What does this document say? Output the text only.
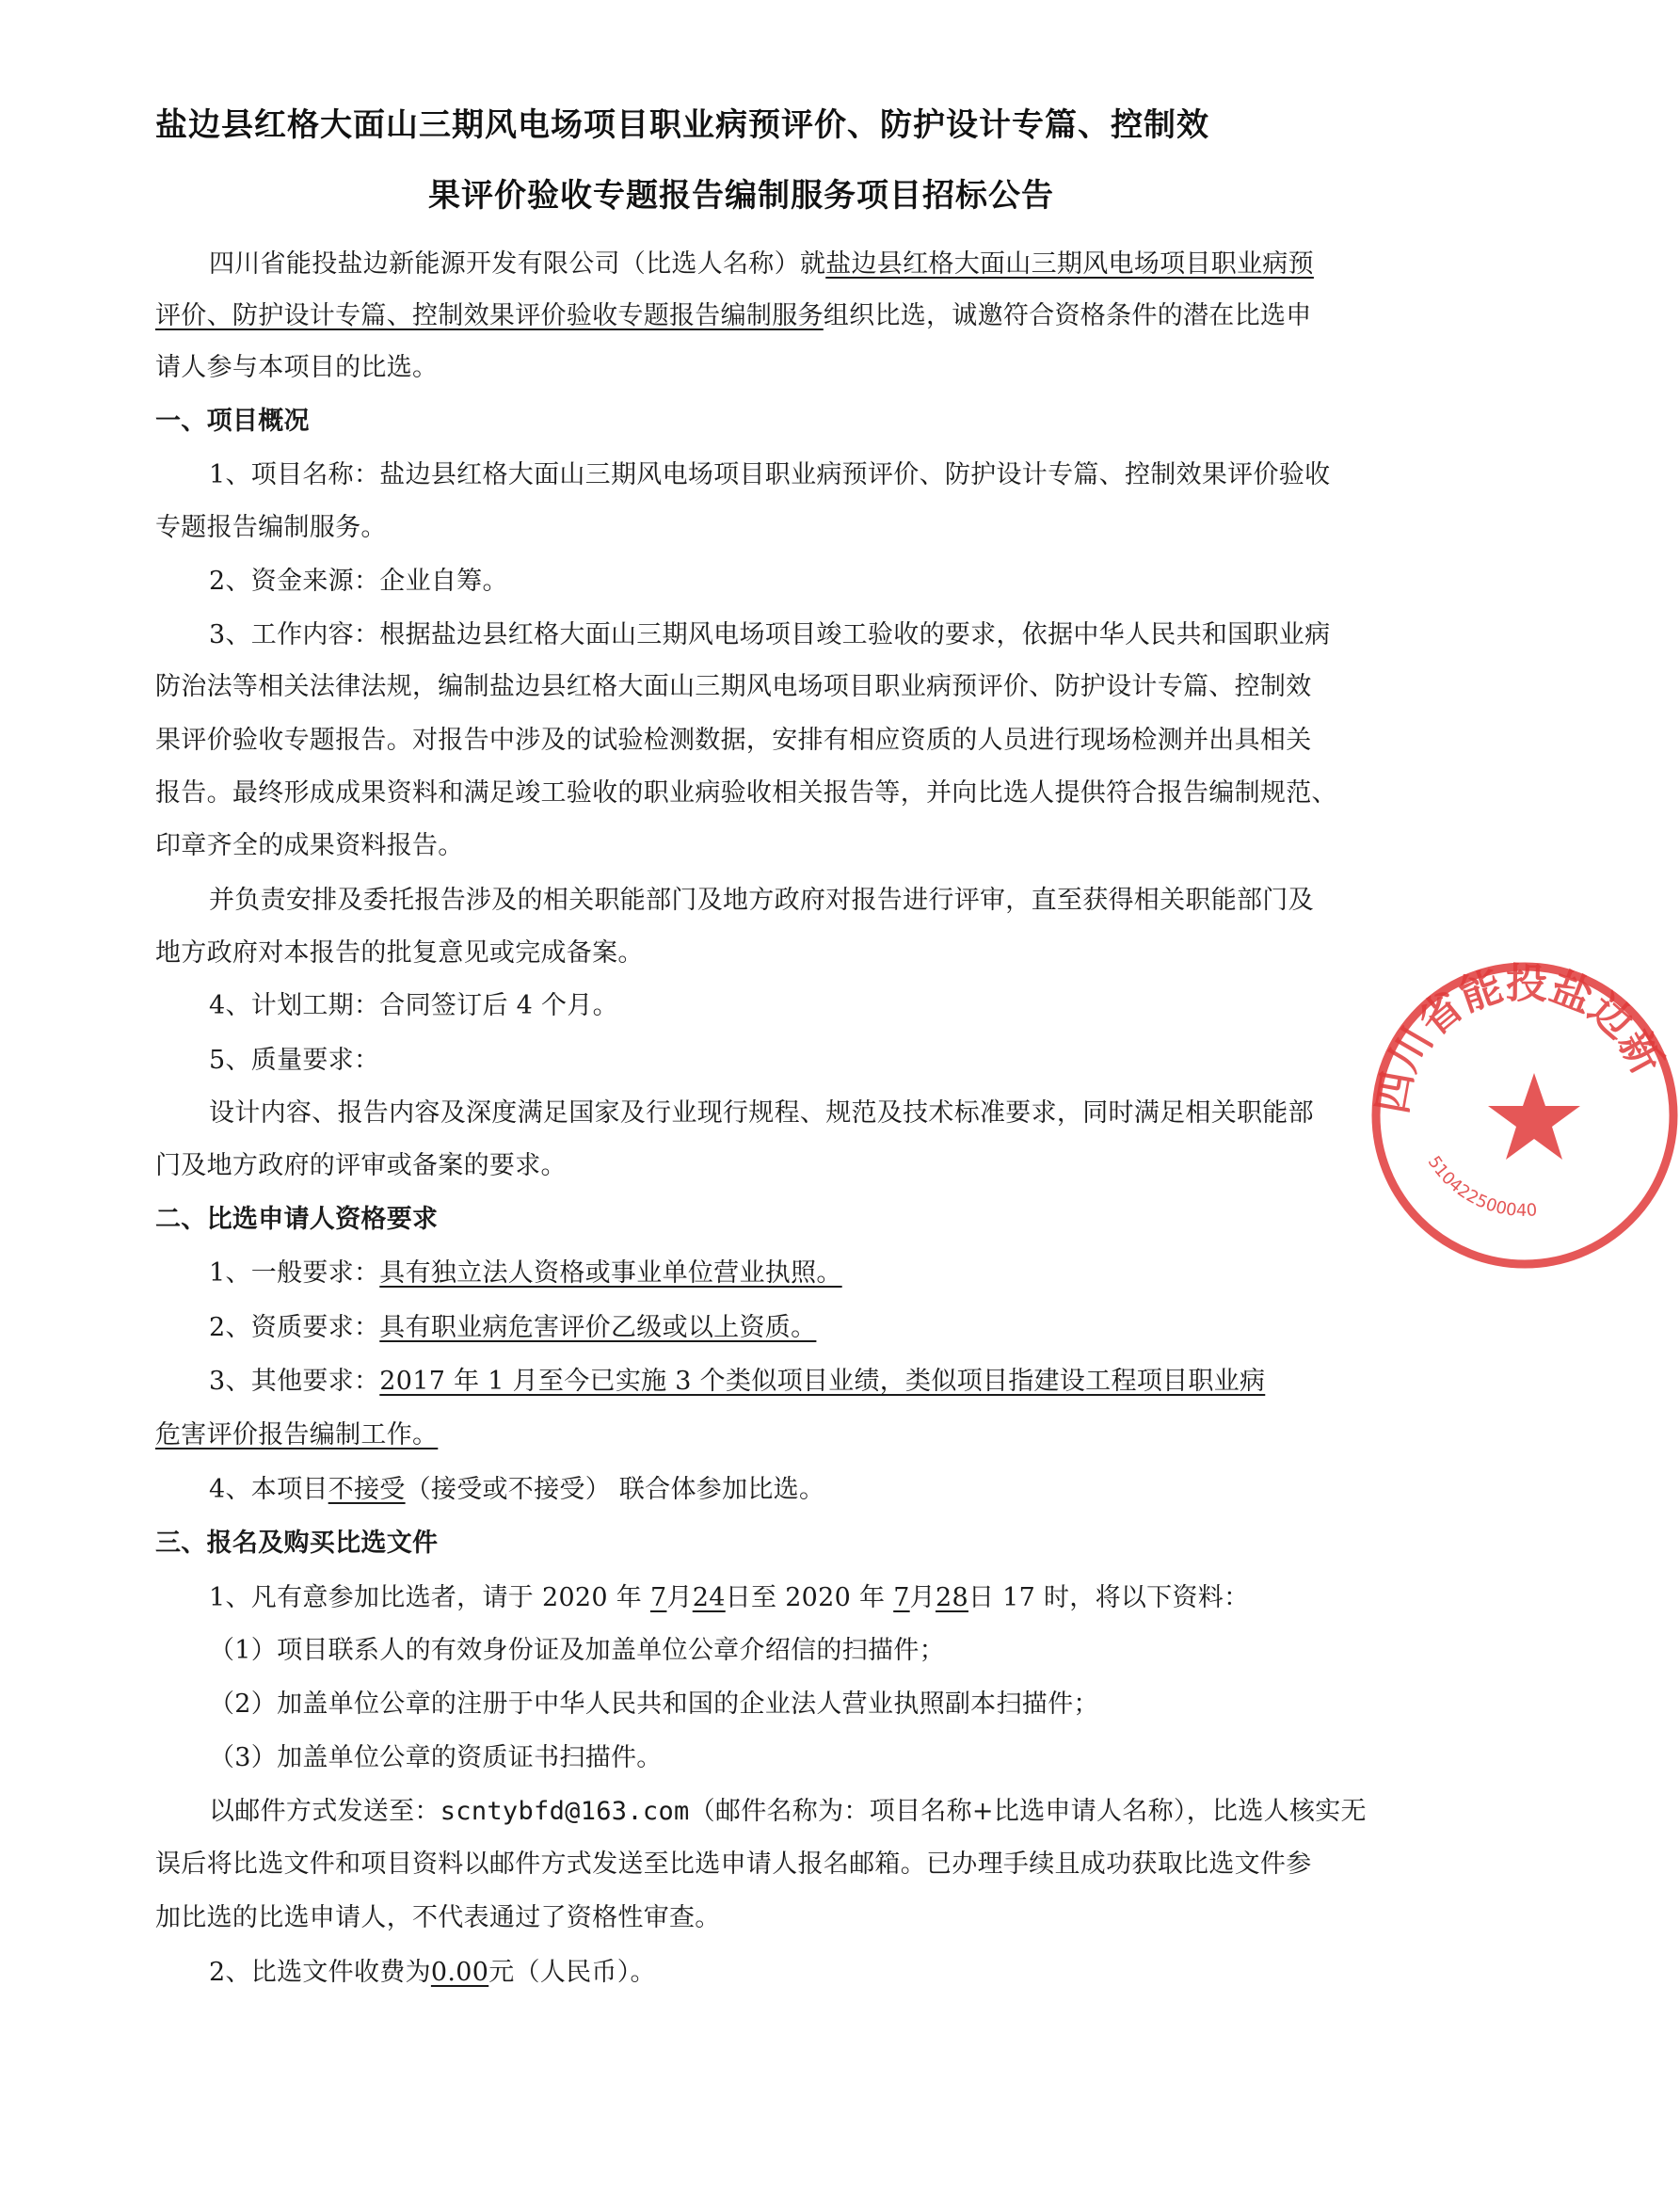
盐边县红格大面山三期风电场项目职业病预评价、防护设计专篇、控制效
果评价验收专题报告编制服务项目招标公告
四川省能投盐边新能源开发有限公司（比选人名称）就盐边县红格大面山三期风电场项目职业病预
评价、防护设计专篇、控制效果评价验收专题报告编制服务组织比选，诚邀符合资格条件的潜在比选申
请人参与本项目的比选。
一、项目概况
1、项目名称：盐边县红格大面山三期风电场项目职业病预评价、防护设计专篇、控制效果评价验收
专题报告编制服务。
2、资金来源：企业自筹。
3、工作内容：根据盐边县红格大面山三期风电场项目竣工验收的要求，依据中华人民共和国职业病
防治法等相关法律法规，编制盐边县红格大面山三期风电场项目职业病预评价、防护设计专篇、控制效
果评价验收专题报告。对报告中涉及的试验检测数据，安排有相应资质的人员进行现场检测并出具相关
报告。最终形成成果资料和满足竣工验收的职业病验收相关报告等，并向比选人提供符合报告编制规范、
印章齐全的成果资料报告。
并负责安排及委托报告涉及的相关职能部门及地方政府对报告进行评审，直至获得相关职能部门及
地方政府对本报告的批复意见或完成备案。
4、计划工期：合同签订后 4 个月。
5、质量要求：
设计内容、报告内容及深度满足国家及行业现行规程、规范及技术标准要求，同时满足相关职能部
门及地方政府的评审或备案的要求。
二、比选申请人资格要求
1、一般要求：具有独立法人资格或事业单位营业执照。
2、资质要求：具有职业病危害评价乙级或以上资质。
3、其他要求：2017 年 1 月至今已实施 3 个类似项目业绩，类似项目指建设工程项目职业病
危害评价报告编制工作。
4、本项目不接受（接受或不接受） 联合体参加比选。
三、报名及购买比选文件
1、凡有意参加比选者，请于 2020 年 7月24日至 2020 年 7月28日 17 时，将以下资料：
（1）项目联系人的有效身份证及加盖单位公章介绍信的扫描件；
（2）加盖单位公章的注册于中华人民共和国的企业法人营业执照副本扫描件；
（3）加盖单位公章的资质证书扫描件。
以邮件方式发送至：scntybfd@163.com（邮件名称为：项目名称+比选申请人名称），比选人核实无
误后将比选文件和项目资料以邮件方式发送至比选申请人报名邮箱。已办理手续且成功获取比选文件参
加比选的比选申请人，不代表通过了资格性审查。
2、比选文件收费为0.00元（人民币）。
四川省能投盐边新
510422500040
